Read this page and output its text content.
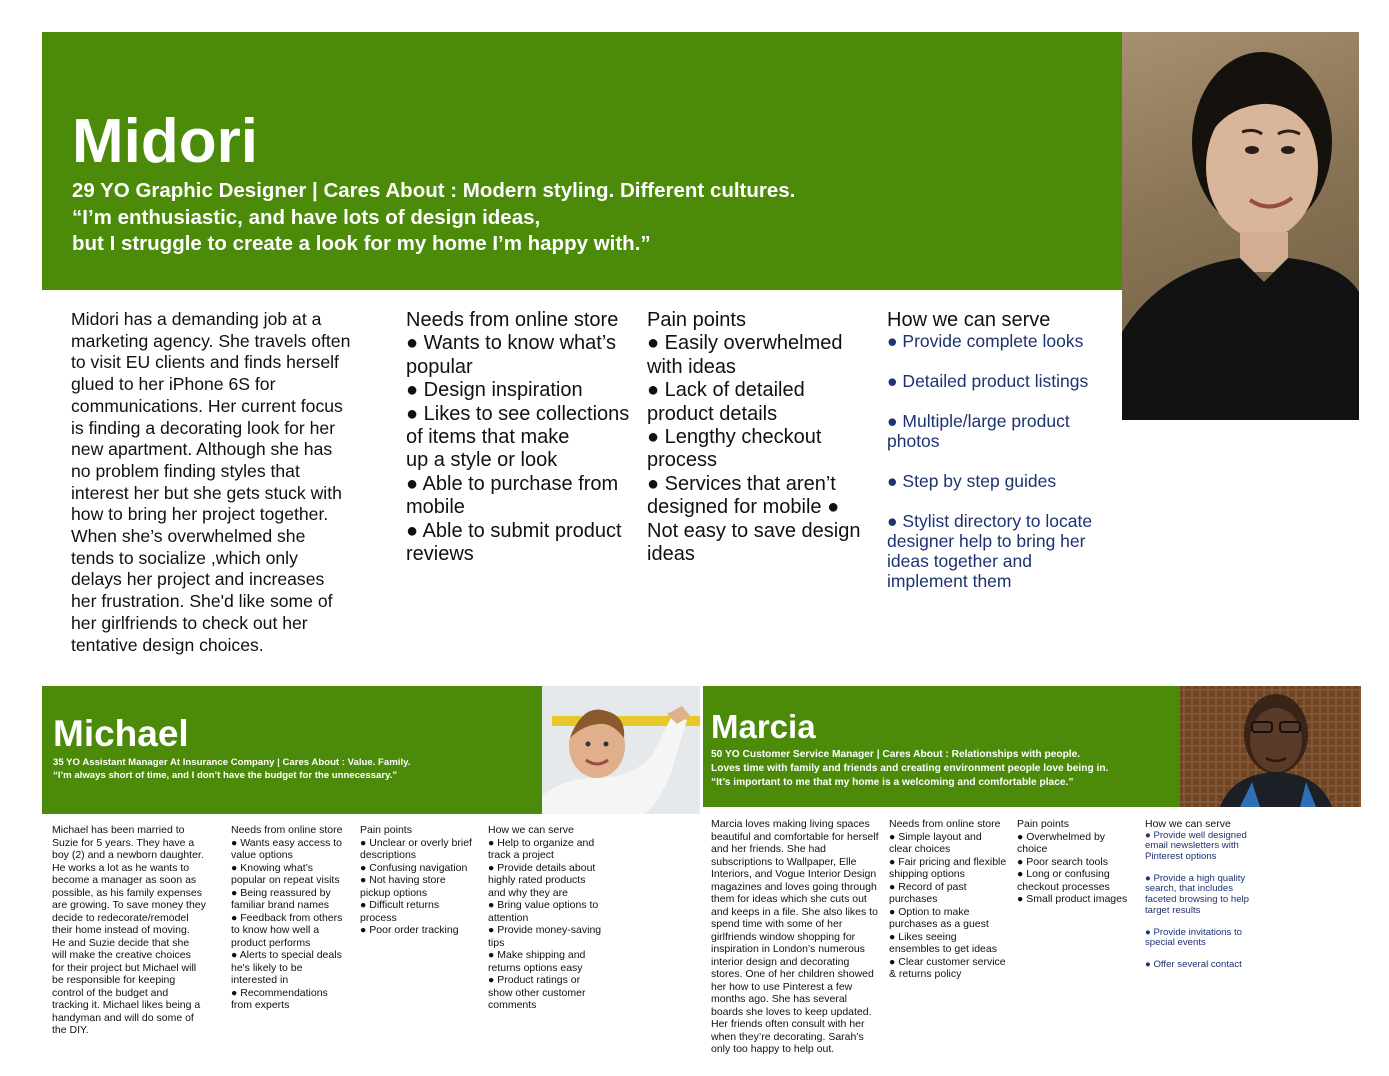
Midori
29 YO Graphic Designer | Cares About : Modern styling. Different cultures.
“I’m enthusiastic, and have lots of design ideas,
but I struggle to create a look for my home I’m happy with.”
Midori has a demanding job at a
marketing agency. She travels often
to visit EU clients and finds herself
glued to her iPhone 6S for
communications. Her current focus
is finding a decorating look for her
new apartment. Although she has
no problem finding styles that
interest her but she gets stuck with
how to bring her project together.
When she’s overwhelmed she
tends to socialize ,which only
delays her project and increases
her frustration. She'd like some of
her girlfriends to check out her
tentative design choices.
Needs from online store
● Wants to know what’s
popular
● Design inspiration
● Likes to see collections
of items that make
up a style or look
● Able to purchase from
mobile
● Able to submit product
reviews
Pain points
● Easily overwhelmed
with ideas
● Lack of detailed
product details
● Lengthy checkout
process
● Services that aren’t
designed for mobile ●
Not easy to save design
ideas
How we can serve
● Provide complete looks
● Detailed product listings
● Multiple/large product
photos
● Step by step guides
● Stylist directory to locate
designer help to bring her
ideas together and
implement them
Michael
35 YO Assistant Manager At Insurance Company | Cares About : Value. Family.
“I’m always short of time, and I don’t have the budget for the unnecessary.”
Michael has been married to
Suzie for 5 years. They have a
boy (2) and a newborn daughter.
He works a lot as he wants to
become a manager as soon as
possible, as his family expenses
are growing. To save money they
decide to redecorate/remodel
their home instead of moving.
He and Suzie decide that she
will make the creative choices
for their project but Michael will
be responsible for keeping
control of the budget and
tracking it. Michael likes being a
handyman and will do some of
the DIY.
Needs from online store
● Wants easy access to
value options
● Knowing what’s
popular on repeat visits
● Being reassured by
familiar brand names
● Feedback from others
to know how well a
product performs
● Alerts to special deals
he's likely to be
interested in
● Recommendations
from experts
Pain points
● Unclear or overly brief
descriptions
● Confusing navigation
● Not having store
pickup options
● Difficult returns
process
● Poor order tracking
How we can serve
● Help to organize and
track a project
● Provide details about
highly rated products
and why they are
● Bring value options to
attention
● Provide money-saving
tips
● Make shipping and
returns options easy
● Product ratings or
show other customer
comments
Marcia
50 YO Customer Service Manager | Cares About : Relationships with people.
Loves time with family and friends and creating environment people love being in.
“It’s important to me that my home is a welcoming and comfortable place.”
Marcia loves making living spaces
beautiful and comfortable for herself
and her friends. She had
subscriptions to Wallpaper, Elle
Interiors, and Vogue Interior Design
magazines and loves going through
them for ideas which she cuts out
and keeps in a file. She also likes to
spend time with some of her
girlfriends window shopping for
inspiration in London’s numerous
interior design and decorating
stores. One of her children showed
her how to use Pinterest a few
months ago. She has several
boards she loves to keep updated.
Her friends often consult with her
when they’re decorating. Sarah’s
only too happy to help out.
Needs from online store
● Simple layout and
clear choices
● Fair pricing and flexible
shipping options
● Record of past
purchases
● Option to make
purchases as a guest
● Likes seeing
ensembles to get ideas
● Clear customer service
& returns policy
Pain points
● Overwhelmed by
choice
● Poor search tools
● Long or confusing
checkout processes
● Small product images
How we can serve
● Provide well designed
email newsletters with
Pinterest options
● Provide a high quality
search, that includes
faceted browsing to help
target results
● Provide invitations to
special events
● Offer several contact
